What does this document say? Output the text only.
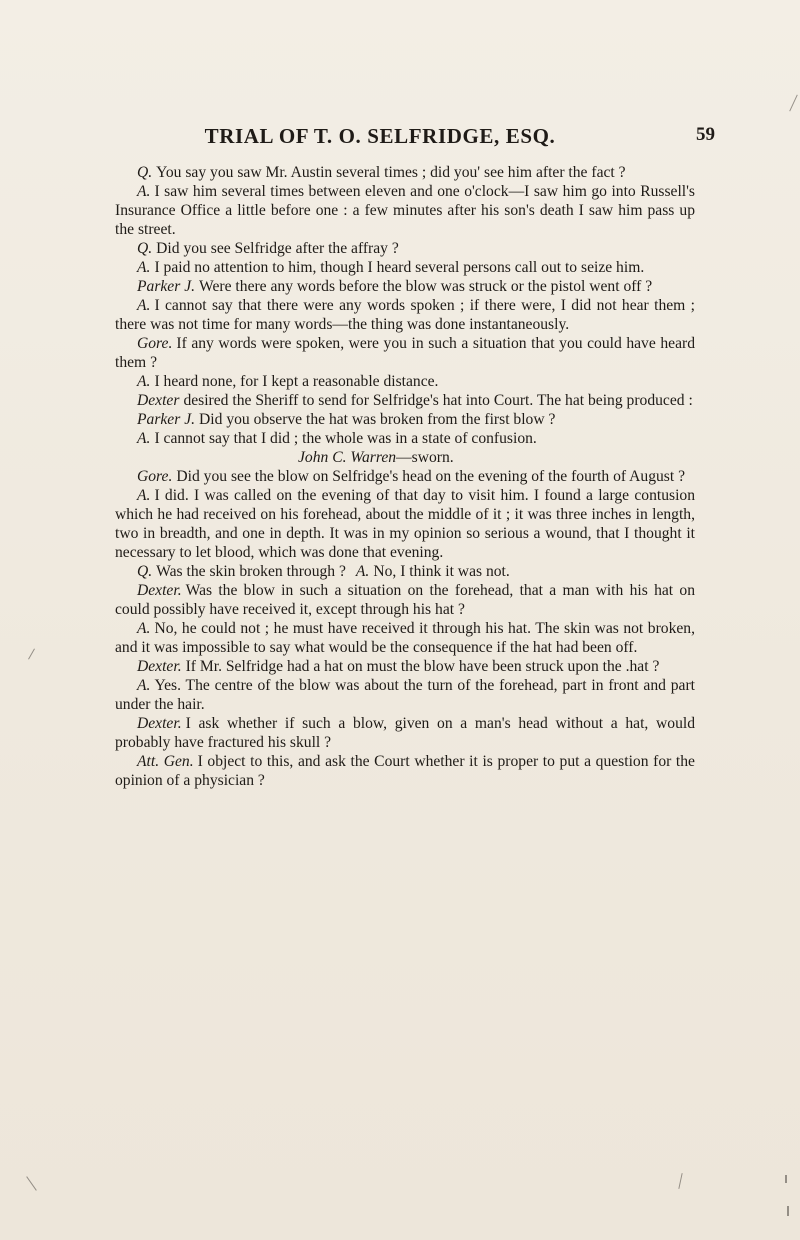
TRIAL OF T. O. SELFRIDGE, ESQ.	59

Q. You say you saw Mr. Austin several times ; did you' see him after the fact ?

A. I saw him several times between eleven and one o'clock—I saw him go into Russell's Insurance Office a little before one : a few minutes after his son's death I saw him pass up the street.

Q. Did you see Selfridge after the affray ?

A. I paid no attention to him, though I heard several persons call out to seize him.

Parker J. Were there any words before the blow was struck or the pistol went off ?

A. I cannot say that there were any words spoken ; if there were, I did not hear them ; there was not time for many words—the thing was done instantaneously.

Gore. If any words were spoken, were you in such a situation that you could have heard them ?

A. I heard none, for I kept a reasonable distance.

Dexter desired the Sheriff to send for Selfridge's hat into Court. The hat being produced :

Parker J. Did you observe the hat was broken from the first blow ?

A. I cannot say that I did ; the whole was in a state of confusion.

John C. Warren—sworn.

Gore. Did you see the blow on Selfridge's head on the evening of the fourth of August ?

A. I did. I was called on the evening of that day to visit him. I found a large contusion which he had received on his forehead, about the middle of it ; it was three inches in length, two in breadth, and one in depth. It was in my opinion so serious a wound, that I thought it necessary to let blood, which was done that evening.

Q. Was the skin broken through ? A. No, I think it was not.

Dexter. Was the blow in such a situation on the forehead, that a man with his hat on could possibly have received it, except through his hat ?

A. No, he could not ; he must have received it through his hat. The skin was not broken, and it was impossible to say what would be the consequence if the hat had been off.

Dexter. If Mr. Selfridge had a hat on must the blow have been struck upon the .hat ?

A. Yes. The centre of the blow was about the turn of the forehead, part in front and part under the hair.

Dexter. I ask whether if such a blow, given on a man's head without a hat, would probably have fractured his skull ?

Att. Gen. I object to this, and ask the Court whether it is proper to put a question for the opinion of a physician ?
